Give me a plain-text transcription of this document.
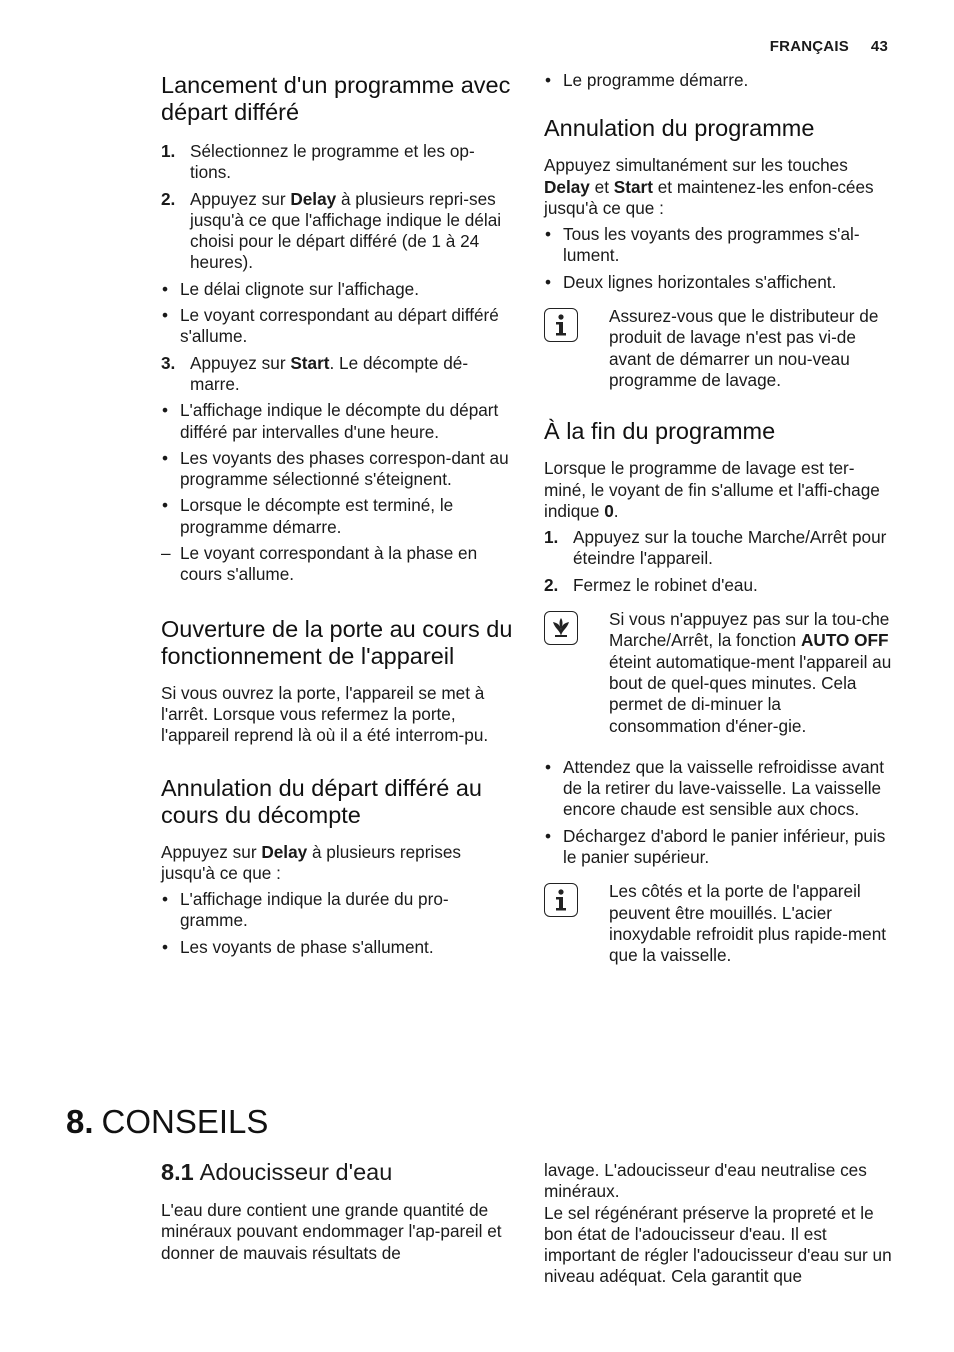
FRANÇAIS 43
Lancement d'un programme avec départ différé
1. Sélectionnez le programme et les op-tions.
2. Appuyez sur Delay à plusieurs repri-ses jusqu'à ce que l'affichage indique le délai choisi pour le départ différé (de 1 à 24 heures).
• Le délai clignote sur l'affichage.
• Le voyant correspondant au départ différé s'allume.
3. Appuyez sur Start. Le décompte dé-marre.
• L'affichage indique le décompte du départ différé par intervalles d'une heure.
• Les voyants des phases correspon-dant au programme sélectionné s'éteignent.
• Lorsque le décompte est terminé, le programme démarre.
– Le voyant correspondant à la phase en cours s'allume.
Ouverture de la porte au cours du fonctionnement de l'appareil

Si vous ouvrez la porte, l'appareil se met à l'arrêt. Lorsque vous refermez la porte, l'appareil reprend là où il a été interrom-pu.

Annulation du départ différé au cours du décompte

Appuyez sur Delay à plusieurs reprises jusqu'à ce que :

• L'affichage indique la durée du pro-gramme.
• Les voyants de phase s'allument.
• Le programme démarre.
Annulation du programme

Appuyez simultanément sur les touches Delay et Start et maintenez-les enfon-cées jusqu'à ce que :

• Tous les voyants des programmes s'al-lument.
• Deux lignes horizontales s'affichent.

Assurez-vous que le distributeur de produit de lavage n'est pas vi-de avant de démarrer un nou-veau programme de lavage.

À la fin du programme

Lorsque le programme de lavage est ter-miné, le voyant de fin s'allume et l'affi-chage indique 0.

1. Appuyez sur la touche Marche/Arrêt pour éteindre l'appareil.
2. Fermez le robinet d'eau.

Si vous n'appuyez pas sur la tou-che Marche/Arrêt, la fonction AUTO OFF éteint automatique-ment l'appareil au bout de quel-ques minutes. Cela permet de di-minuer la consommation d'éner-gie.

• Attendez que la vaisselle refroidisse avant de la retirer du lave-vaisselle. La vaisselle encore chaude est sensible aux chocs.
• Déchargez d'abord le panier inférieur, puis le panier supérieur.

Les côtés et la porte de l'appareil peuvent être mouillés. L'acier inoxydable refroidit plus rapide-ment que la vaisselle.

8. CONSEILS
8.1 Adoucisseur d'eau

L'eau dure contient une grande quantité de minéraux pouvant endommager l'ap-pareil et donner de mauvais résultats de

lavage. L'adoucisseur d'eau neutralise ces minéraux.

Le sel régénérant préserve la propreté et le bon état de l'adoucisseur d'eau. Il est important de régler l'adoucisseur d'eau sur un niveau adéquat. Cela garantit que
